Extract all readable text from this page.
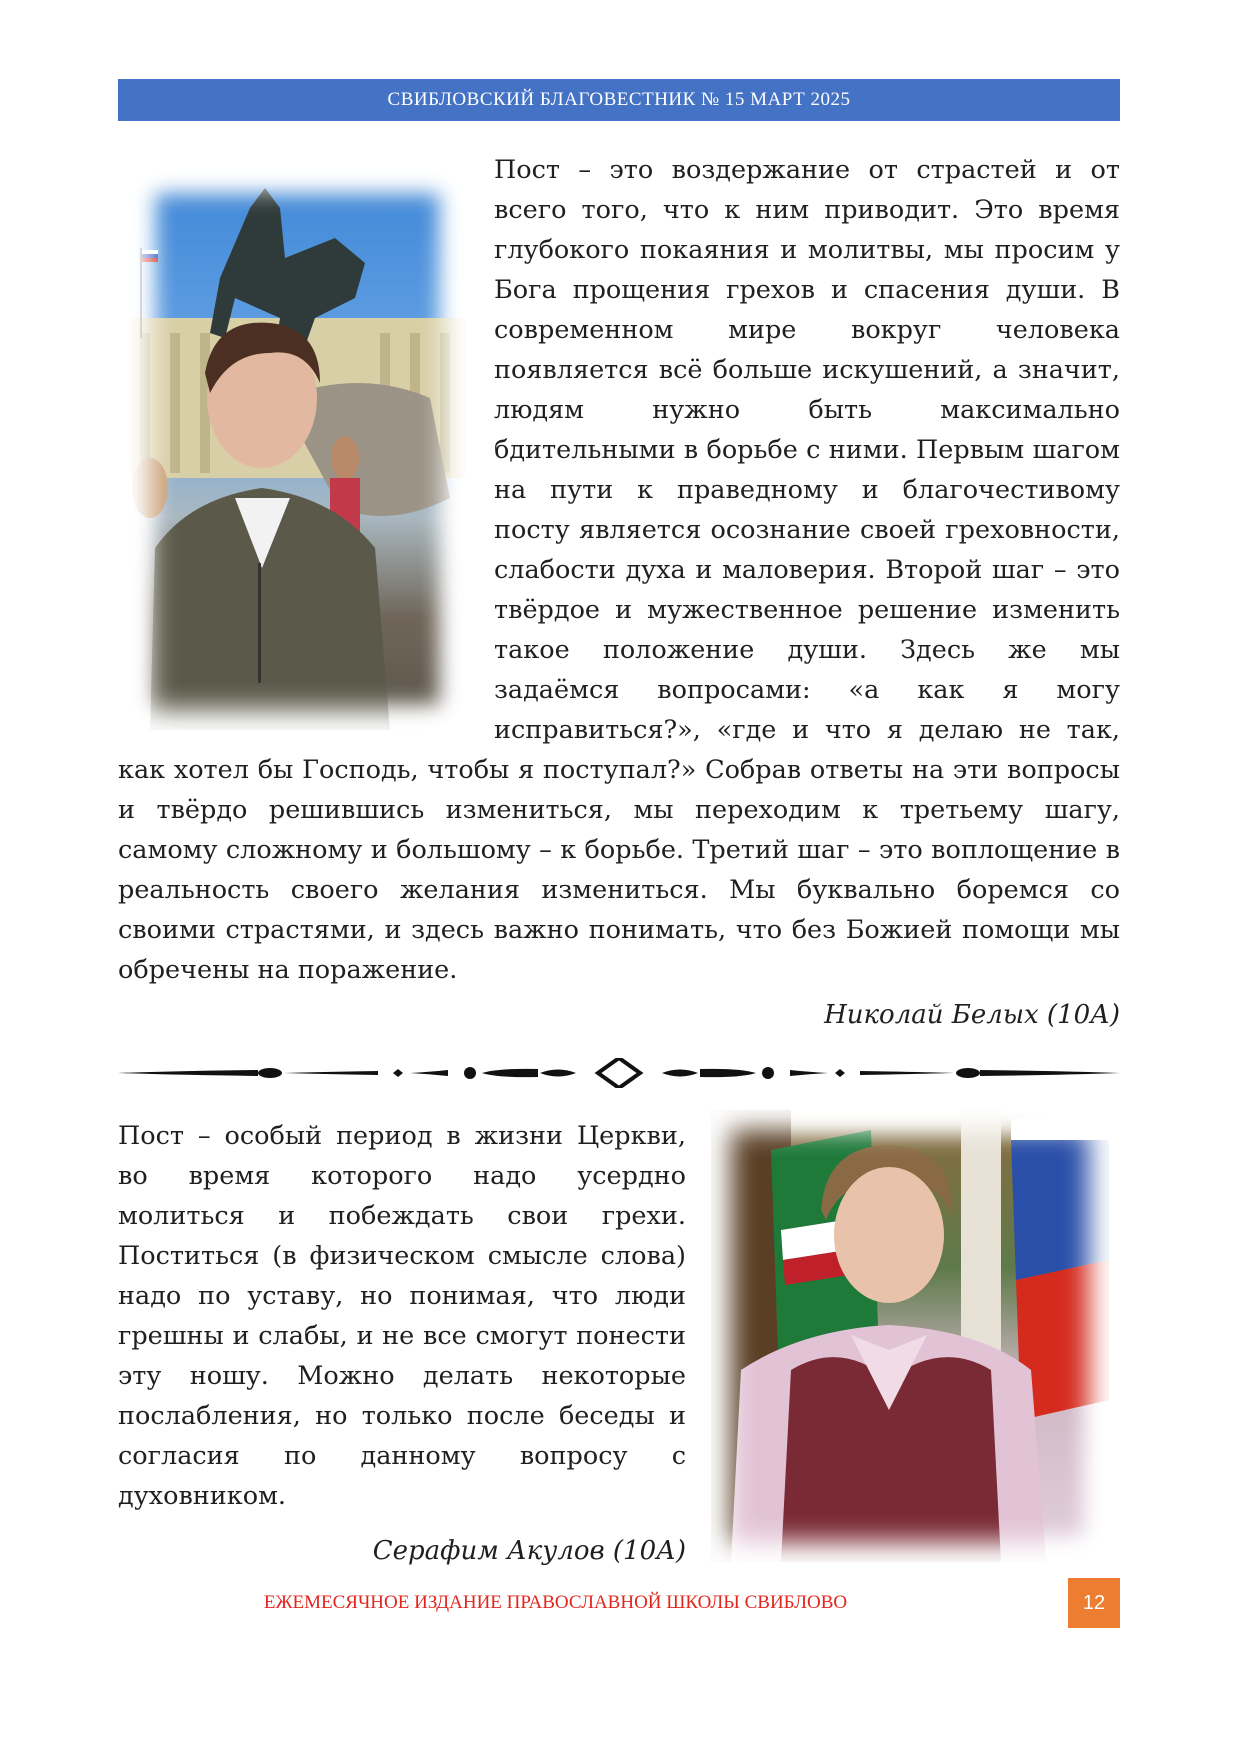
СВИБЛОВСКИЙ БЛАГОВЕСТНИК № 15 МАРТ 2025
Пост – это воздержание от страстей и от всего того, что к ним приводит. Это время глубокого покаяния и молитвы, мы просим у Бога прощения грехов и спасения души. В современном мире вокруг человека появляется всё больше искушений, а значит, людям нужно быть максимально бдительными в борьбе с ними. Первым шагом на пути к праведному и благочестивому посту является осознание своей греховности, слабости духа и маловерия. Второй шаг – это твёрдое и мужественное решение изменить такое положение души. Здесь же мы задаёмся вопросами: «а как я могу исправиться?», «где и что я делаю не так, как хотел бы Господь, чтобы я поступал?» Собрав ответы на эти вопросы и твёрдо решившись измениться, мы переходим к третьему шагу, самому сложному и большому – к борьбе. Третий шаг – это воплощение в реальность своего желания измениться. Мы буквально боремся со своими страстями, и здесь важно понимать, что без Божией помощи мы обречены на поражение.
Николай Белых (10А)
Пост – особый период в жизни Церкви, во время которого надо усердно молиться и побеждать свои грехи. Поститься (в физическом смысле слова) надо по уставу, но понимая, что люди грешны и слабы, и не все смогут понести эту ношу. Можно делать некоторые послабления, но только после беседы и согласия по данному вопросу с духовником.
Серафим Акулов (10А)
ЕЖЕМЕСЯЧНОЕ ИЗДАНИЕ ПРАВОСЛАВНОЙ ШКОЛЫ СВИБЛОВО	12
